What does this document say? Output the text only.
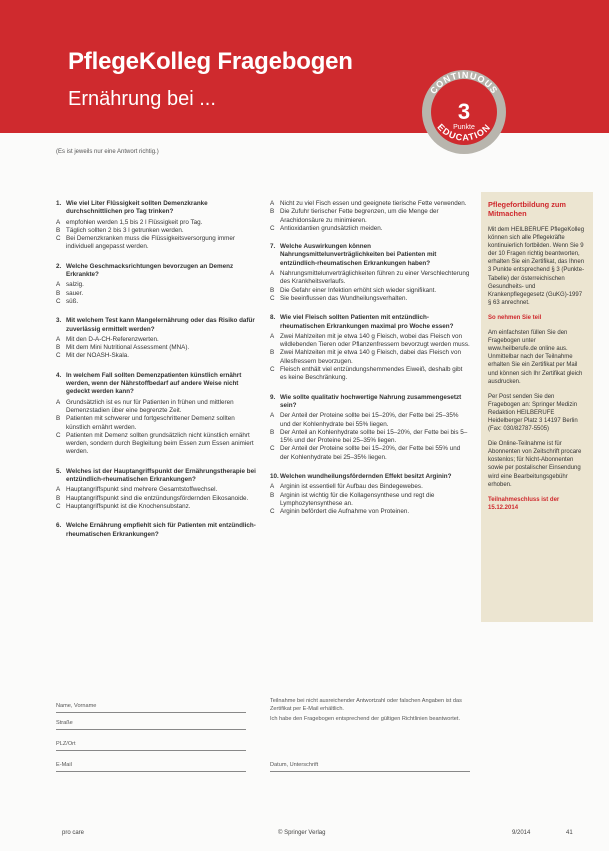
PflegeKolleg Fragebogen
Ernährung bei ...	CONTINUOUS
EDUCATION
3
Punkte
(Es ist jeweils nur eine Antwort richtig.)
1. Wie viel Liter Flüssigkeit sollten Demenzkranke durchschnittlichen pro Tag trinken?
A empfohlen werden 1,5 bis 2 l Flüssigkeit pro Tag.
B Täglich sollten 2 bis 3 l getrunken werden.
C Bei Demenzkranken muss die Flüssigkeitsversorgung immer individuell angepasst werden.
2. Welche Geschmacksrichtungen bevorzugen an Demenz Erkrankte?
A salzig.
B sauer.
C süß.
3. Mit welchem Test kann Mangelernährung oder das Risiko dafür zuverlässig ermittelt werden?
A Mit den D-A-CH-Referenzwerten.
B Mit dem Mini Nutritional Assessment (MNA).
C Mit der NOASH-Skala.
4. In welchem Fall sollten Demenzpatienten künstlich ernährt werden, wenn der Nährstoffbedarf auf andere Weise nicht gedeckt werden kann?
A Grundsätzlich ist es nur für Patienten in frühen und mittleren Demenzstadien über eine begrenzte Zeit.
B Patienten mit schwerer und fortgeschrittener Demenz sollten künstlich ernährt werden.
C Patienten mit Demenz sollten grundsätzlich nicht künstlich ernährt werden, sondern durch Begleitung beim Essen zum Essen animiert werden.
5. Welches ist der Hauptangriffspunkt der Ernährungstherapie bei entzündlich-rheumatischen Erkrankungen?
A Hauptangriffspunkt sind mehrere Gesamtstoffwechsel.
B Hauptangriffspunkt sind die entzündungsfördernden Eikosanoide.
C Hauptangriffspunkt ist die Knochensubstanz.
6. Welche Ernährung empfiehlt sich für Patienten mit entzündlich-rheumatischen Erkrankungen?
A Nicht zu viel Fisch essen und geeignete tierische Fette verwenden.
B Die Zufuhr tierischer Fette begrenzen, um die Menge der Arachidonsäure zu minimieren.
C Antioxidantien grundsätzlich meiden.
7. Welche Auswirkungen können Nahrungsmittelunverträglichkeiten bei Patienten mit entzündlich-rheumatischen Erkrankungen haben?
A Nahrungsmittelunverträglichkeiten führen zu einer Verschlechterung des Krankheitsverlaufs.
B Die Gefahr einer Infektion erhöht sich wieder signifikant.
C Sie beeinflussen das Wundheilungsverhalten.
8. Wie viel Fleisch sollten Patienten mit entzündlich-rheumatischen Erkrankungen maximal pro Woche essen?
A Zwei Mahlzeiten mit je etwa 140 g Fleisch, wobei das Fleisch von wildlebenden Tieren oder Pflanzenfressern bevorzugt werden muss.
B Zwei Mahlzeiten mit je etwa 140 g Fleisch, dabei das Fleisch von Allesfressern bevorzugen.
C Fleisch enthält viel entzündungshemmendes Eiweiß, deshalb gibt es keine Beschränkung.
9. Wie sollte qualitativ hochwertige Nahrung zusammengesetzt sein?
A Der Anteil der Proteine sollte bei 15–20%, der Fette bei 25–35% und der Kohlenhydrate bei 55% liegen.
B Der Anteil an Kohlenhydrate sollte bei 15–20%, der Fette bei bis 5–15% und der Proteine bei 25–35% liegen.
C Der Anteil der Proteine sollte bei 15–20%, der Fette bei 55% und der Kohlenhydrate bei 25–35% liegen.
10. Welchen wundheilungsfördernden Effekt besitzt Arginin?
A Arginin ist essentiell für Aufbau des Bindegewebes.
B Arginin ist wichtig für die Kollagensynthese und regt die Lymphozytensynthese an.
C Arginin befördert die Aufnahme von Proteinen.
Pflegefortbildung zum Mitmachen

Mit dem HEILBERUFE PflegeKolleg können sich alle Pflegekräfte kontinuierlich fortbilden. Wenn Sie 9 der 10 Fragen richtig beantworten, erhalten Sie ein Zertifikat, das Ihnen 3 Punkte entsprechend § 3 (Punkte-Tabelle) der österreichischen Gesundheits- und Krankenpflegegesetz (GuKG)-1997 § 63 anrechnet.

So nehmen Sie teil

Am einfachsten füllen Sie den Fragebogen unter www.heilberufe.de online aus. Unmittelbar nach der Teilnahme erhalten Sie ein Zertifikat per Mail und können sich Ihr Zertifikat gleich ausdrucken.

Per Post senden Sie den Fragebogen an: Springer Medizin Redaktion HEILBERUFE Heidelberger Platz 3 14197 Berlin (Fax: 030/82787-5505)

Die Online-Teilnahme ist für Abonnenten von Zeitschrift procare kostenlos; für Nicht-Abonnenten sowie per postalischer Einsendung wird eine Bearbeitungsgebühr erhoben.

Teilnahmeschluss ist der 15.12.2014

Name, Vorname
Straße
PLZ/Ort
E-Mail
Teilnahme bei nicht ausreichender Antwortzahl oder falschen Angaben ist das Zertifikat per E-Mail erhältlich.
Ich habe den Fragebogen entsprechend der gültigen Richtlinien beantwortet.
Datum, Unterschrift
pro care	© Springer Verlag	9/2014	41
